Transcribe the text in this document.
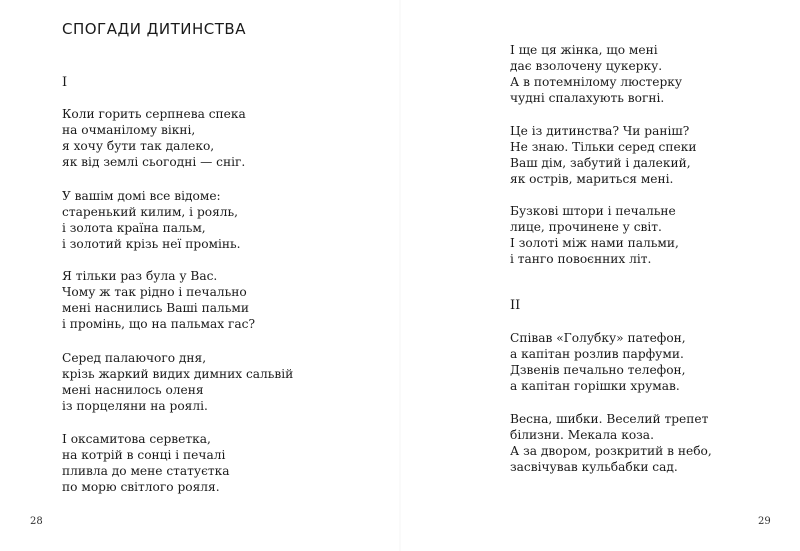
СПОГАДИ ДИТИНСТВА
I
Коли горить серпнева спека
на очманілому вікні,
я хочу бути так далеко,
як від землі сьогодні — сніг.
У вашім домі все відоме:
старенький килим, і рояль,
і золота країна пальм,
і золотий крізь неї промінь.
Я тільки раз була у Вас.
Чому ж так рідно і печально
мені наснились Ваші пальми
і промінь, що на пальмах гас?
Серед палаючого дня,
крізь жаркий видих димних сальвій
мені наснилось оленя
із порцеляни на роялі.
І оксамитова серветка,
на котрій в сонці і печалі
пливла до мене статуєтка
по морю світлого рояля.
28
І ще ця жінка, що мені
дає взолочену цукерку.
А в потемнілому люстерку
чудні спалахують вогні.
Це із дитинства? Чи раніш?
Не знаю. Тільки серед спеки
Ваш дім, забутий і далекий,
як острів, мариться мені.
Бузкові штори і печальне
лице, прочинене у світ.
І золоті між нами пальми,
і танго повоєнних літ.
II
Співав «Голубку» патефон,
а капітан розлив парфуми.
Дзвенів печально телефон,
а капітан горішки хрумав.
Весна, шибки. Веселий трепет
білизни. Мекала коза.
А за двором, розкритий в небо,
засвічував кульбабки сад.
29
